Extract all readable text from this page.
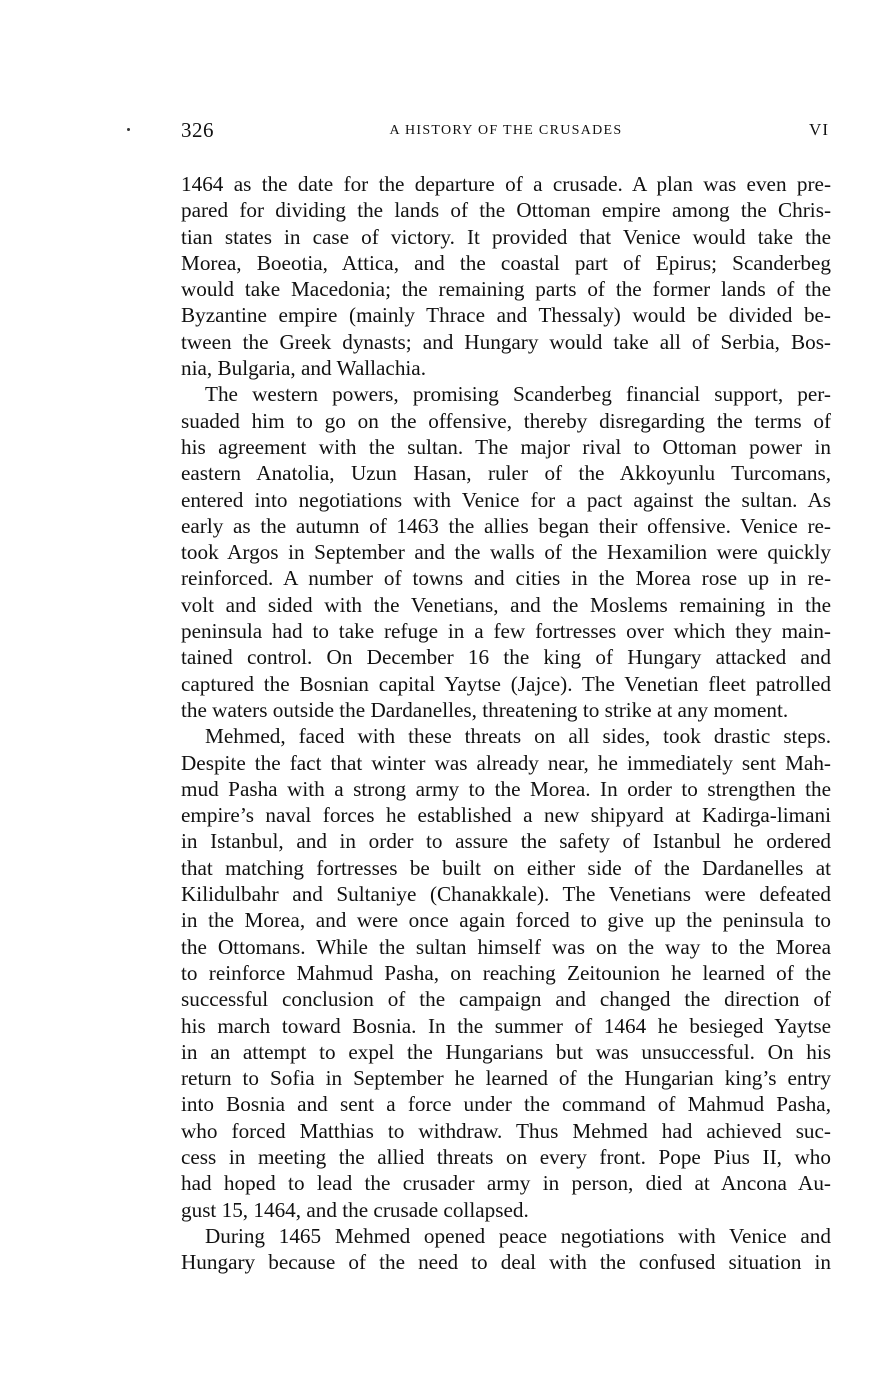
326	A HISTORY OF THE CRUSADES	VI
1464 as the date for the departure of a crusade. A plan was even pre-
pared for dividing the lands of the Ottoman empire among the Chris-
tian states in case of victory. It provided that Venice would take the
Morea, Boeotia, Attica, and the coastal part of Epirus; Scanderbeg
would take Macedonia; the remaining parts of the former lands of the
Byzantine empire (mainly Thrace and Thessaly) would be divided be-
tween the Greek dynasts; and Hungary would take all of Serbia, Bos-
nia, Bulgaria, and Wallachia.
The western powers, promising Scanderbeg financial support, per-
suaded him to go on the offensive, thereby disregarding the terms of
his agreement with the sultan. The major rival to Ottoman power in
eastern Anatolia, Uzun Hasan, ruler of the Akkoyunlu Turcomans,
entered into negotiations with Venice for a pact against the sultan. As
early as the autumn of 1463 the allies began their offensive. Venice re-
took Argos in September and the walls of the Hexamilion were quickly
reinforced. A number of towns and cities in the Morea rose up in re-
volt and sided with the Venetians, and the Moslems remaining in the
peninsula had to take refuge in a few fortresses over which they main-
tained control. On December 16 the king of Hungary attacked and
captured the Bosnian capital Yaytse (Jajce). The Venetian fleet patrolled
the waters outside the Dardanelles, threatening to strike at any moment.
Mehmed, faced with these threats on all sides, took drastic steps.
Despite the fact that winter was already near, he immediately sent Mah-
mud Pasha with a strong army to the Morea. In order to strengthen the
empire’s naval forces he established a new shipyard at Kadirga-limani
in Istanbul, and in order to assure the safety of Istanbul he ordered
that matching fortresses be built on either side of the Dardanelles at
Kilidulbahr and Sultaniye (Chanakkale). The Venetians were defeated
in the Morea, and were once again forced to give up the peninsula to
the Ottomans. While the sultan himself was on the way to the Morea
to reinforce Mahmud Pasha, on reaching Zeitounion he learned of the
successful conclusion of the campaign and changed the direction of
his march toward Bosnia. In the summer of 1464 he besieged Yaytse
in an attempt to expel the Hungarians but was unsuccessful. On his
return to Sofia in September he learned of the Hungarian king’s entry
into Bosnia and sent a force under the command of Mahmud Pasha,
who forced Matthias to withdraw. Thus Mehmed had achieved suc-
cess in meeting the allied threats on every front. Pope Pius II, who
had hoped to lead the crusader army in person, died at Ancona Au-
gust 15, 1464, and the crusade collapsed.
During 1465 Mehmed opened peace negotiations with Venice and
Hungary because of the need to deal with the confused situation in
